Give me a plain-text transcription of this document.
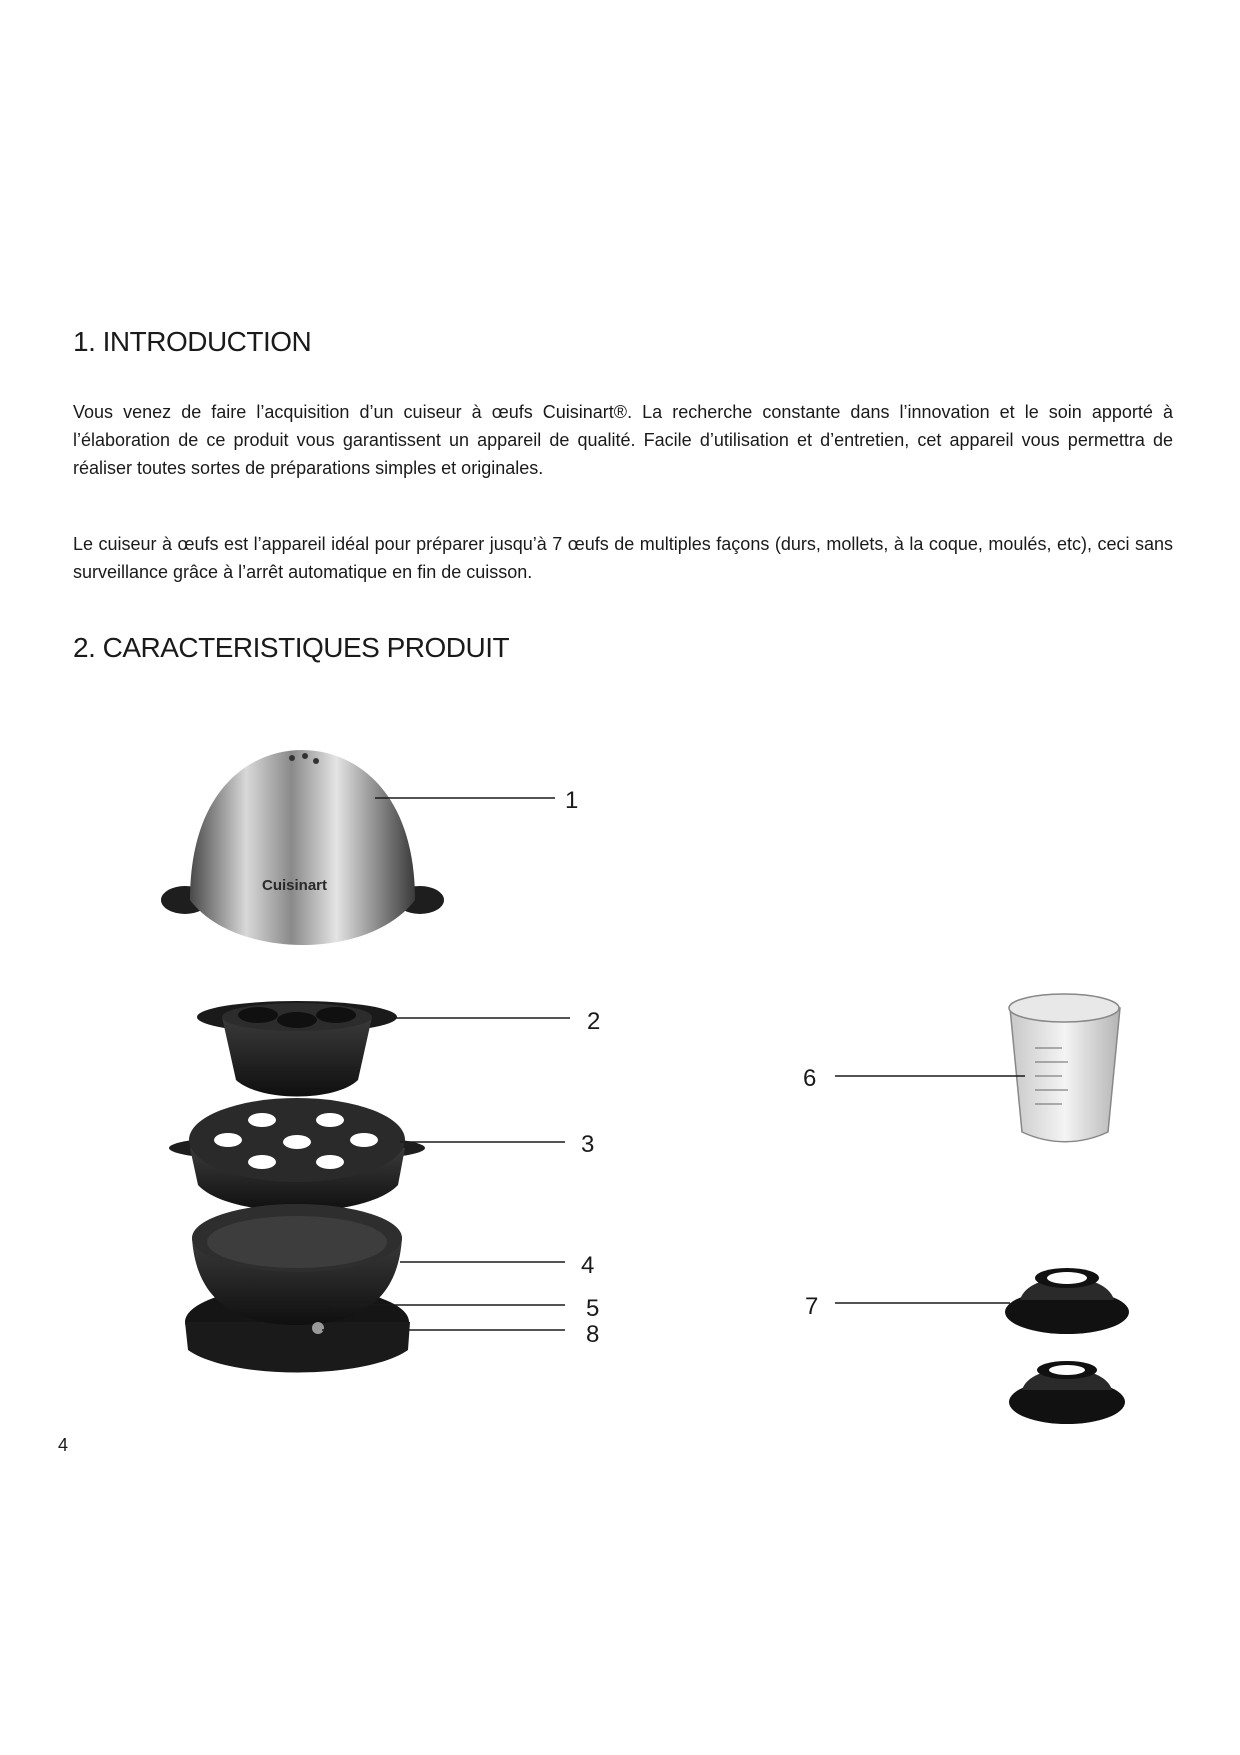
1. INTRODUCTION

Vous venez de faire l’acquisition d’un cuiseur à œufs Cuisinart®. La recherche constante dans l’innovation et le soin apporté à l’élaboration de ce produit vous garantissent un appareil de qualité. Facile d’utilisation et d’entretien, cet appareil vous permettra de réaliser toutes sortes de préparations simples et originales.

Le cuiseur à œufs est l’appareil idéal pour préparer jusqu’à 7 œufs de multiples façons (durs, mollets, à la coque, moulés, etc), ceci sans surveillance grâce à l’arrêt automatique en fin de cuisson.

2. CARACTERISTIQUES PRODUIT
Cuisinart
1
2
3
4
5
8
6
7
4
